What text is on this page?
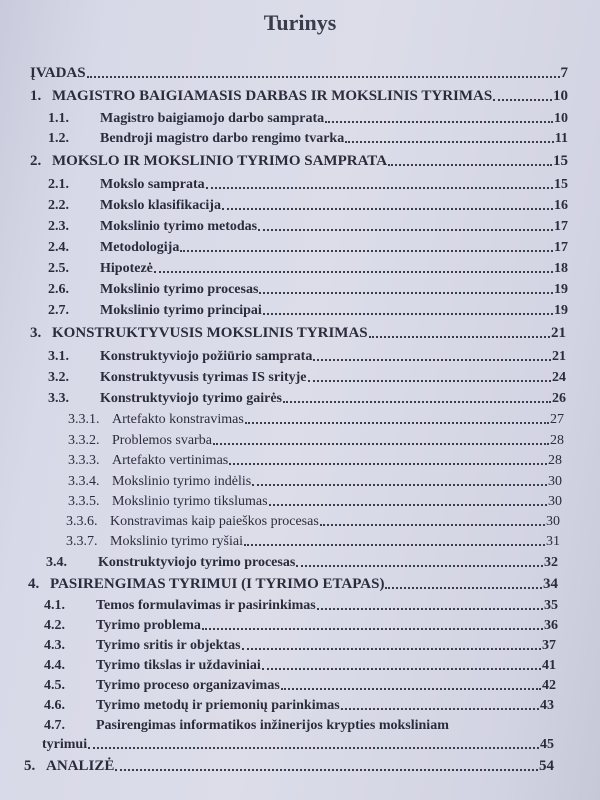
Turinys
ĮVADAS	7
1. MAGISTRO BAIGIAMASIS DARBAS IR MOKSLINIS TYRIMAS	10
1.1.	Magistro baigiamojo darbo samprata	10
1.2.	Bendroji magistro darbo rengimo tvarka	11
2. MOKSLO IR MOKSLINIO TYRIMO SAMPRATA	15
2.1.	Mokslo samprata	15
2.2.	Mokslo klasifikacija	16
2.3.	Mokslinio tyrimo metodas	17
2.4.	Metodologija	17
2.5.	Hipotezė	18
2.6.	Mokslinio tyrimo procesas	19
2.7.	Mokslinio tyrimo principai	19
3. KONSTRUKTYVUSIS MOKSLINIS TYRIMAS	21
3.1.	Konstruktyviojo požiūrio samprata	21
3.2.	Konstruktyvusis tyrimas IS srityje	24
3.3.	Konstruktyviojo tyrimo gairės	26
3.3.1. Artefakto konstravimas	27
3.3.2. Problemos svarba	28
3.3.3. Artefakto vertinimas	28
3.3.4. Mokslinio tyrimo indėlis	30
3.3.5. Mokslinio tyrimo tikslumas	30
3.3.6. Konstravimas kaip paieškos procesas	30
3.3.7. Mokslinio tyrimo ryšiai	31
3.4.	Konstruktyviojo tyrimo procesas	32
4. PASIRENGIMAS TYRIMUI (I TYRIMO ETAPAS)	34
4.1.	Temos formulavimas ir pasirinkimas	35
4.2.	Tyrimo problema	36
4.3.	Tyrimo sritis ir objektas	37
4.4.	Tyrimo tikslas ir uždaviniai	41
4.5.	Tyrimo proceso organizavimas	42
4.6.	Tyrimo metodų ir priemonių parinkimas	43
4.7.	Pasirengimas informatikos inžinerijos krypties moksliniam
tyrimui	45
5. ANALIZĖ	54
